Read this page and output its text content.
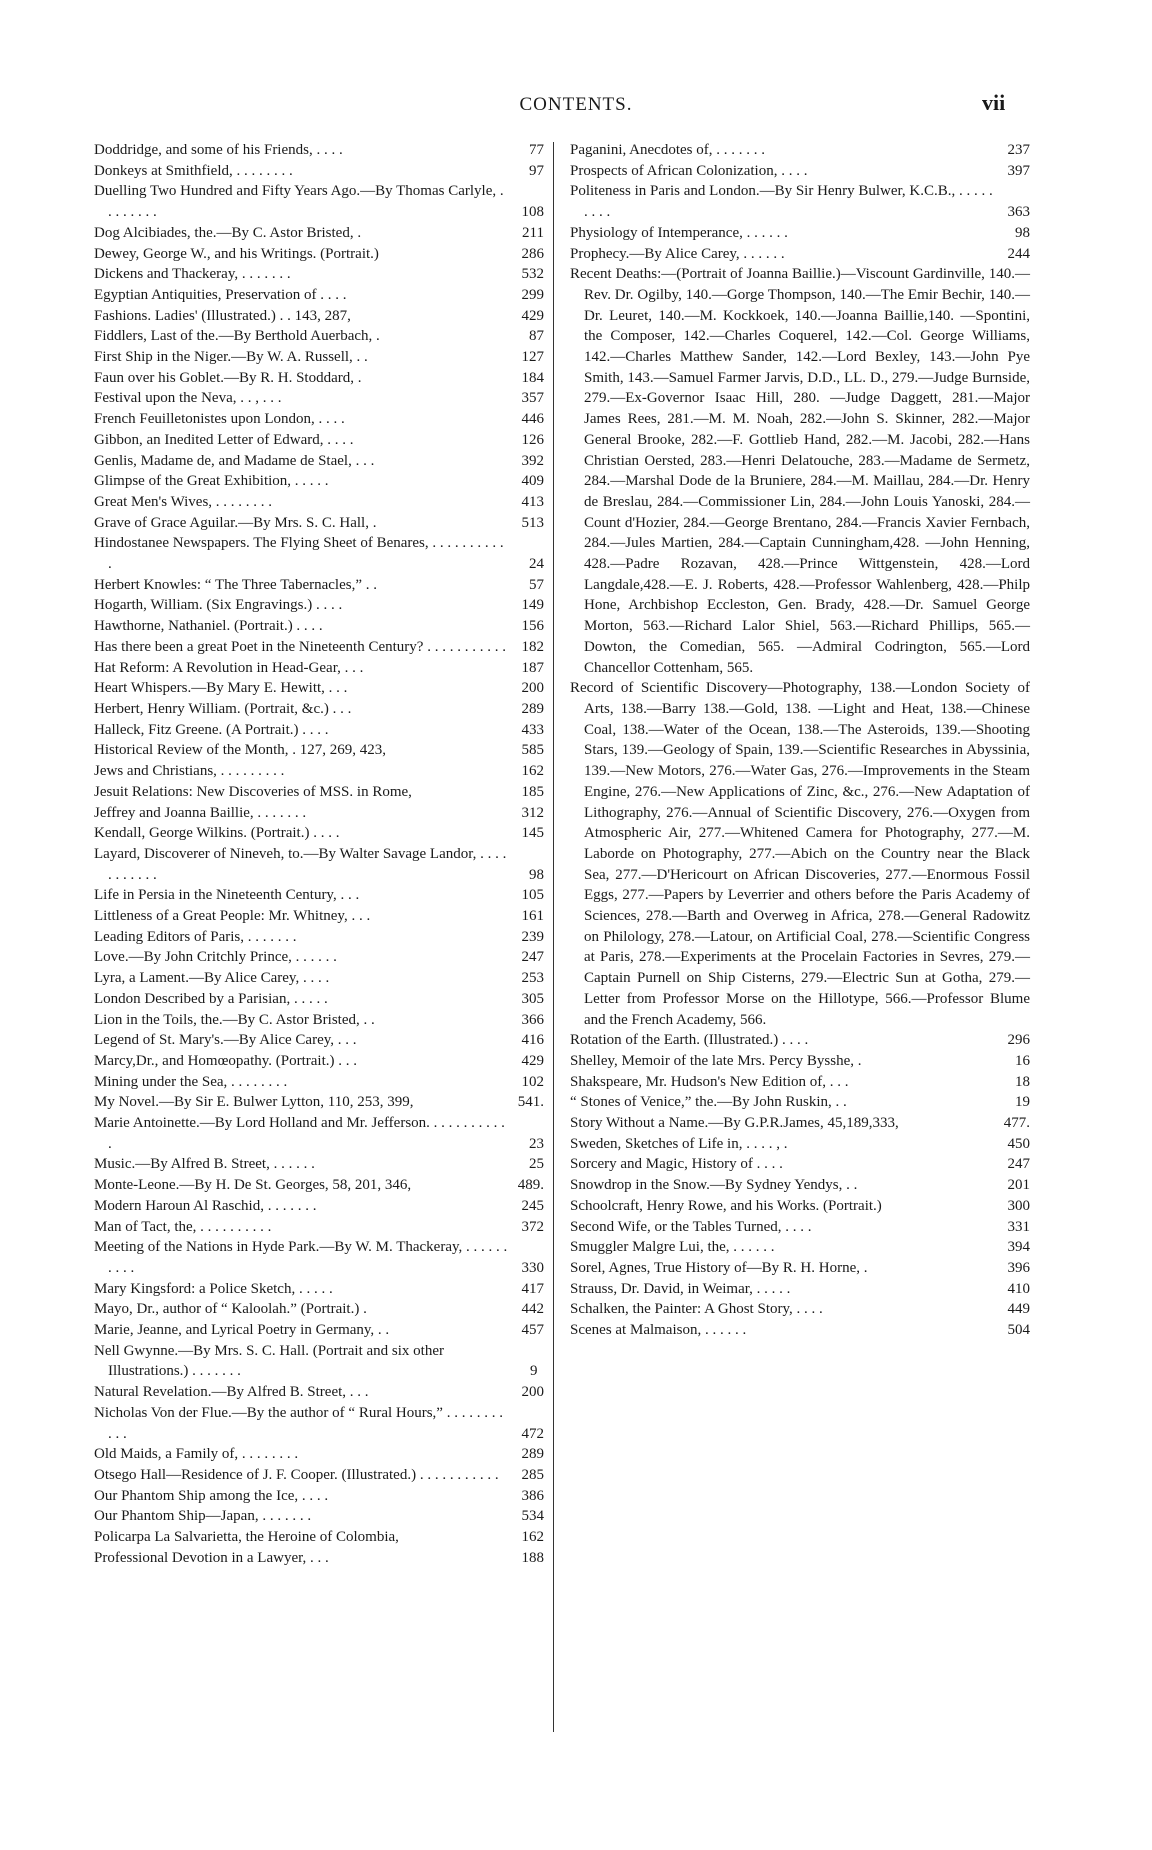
CONTENTS.	vii
Doddridge, and some of his Friends, . . . .	77
Donkeys at Smithfield, . . . . . . . .	97
Duelling Two Hundred and Fifty Years Ago.—By Thomas Carlyle, . . . . . . . .	108
Dog Alcibiades, the.—By C. Astor Bristed, .	211
Dewey, George W., and his Writings. (Portrait.)	286
Dickens and Thackeray, . . . . . . .	532
Egyptian Antiquities, Preservation of . . . .	299
Fashions. Ladies' (Illustrated.) . . 143, 287,	429
Fiddlers, Last of the.—By Berthold Auerbach, .	87
First Ship in the Niger.—By W. A. Russell, . .	127
Faun over his Goblet.—By R. H. Stoddard, .	184
Festival upon the Neva, . . , . . .	357
French Feuilletonistes upon London, . . . .	446
Gibbon, an Inedited Letter of Edward, . . . .	126
Genlis, Madame de, and Madame de Stael, . . .	392
Glimpse of the Great Exhibition, . . . . .	409
Great Men's Wives, . . . . . . . .	413
Grave of Grace Aguilar.—By Mrs. S. C. Hall, .	513
Hindostanee Newspapers. The Flying Sheet of Benares, . . . . . . . . . . .	24
Herbert Knowles: “ The Three Tabernacles,” . .	57
Hogarth, William. (Six Engravings.) . . . .	149
Hawthorne, Nathaniel. (Portrait.) . . . .	156
Has there been a great Poet in the Nineteenth Century? . . . . . . . . . . . 182
Hat Reform: A Revolution in Head-Gear, . . .	187
Heart Whispers.—By Mary E. Hewitt, . . .	200
Herbert, Henry William. (Portrait, &c.) . . .	289
Halleck, Fitz Greene. (A Portrait.) . . . .	433
Historical Review of the Month, . 127, 269, 423,	585
Jews and Christians, . . . . . . . . .	162
Jesuit Relations: New Discoveries of MSS. in Rome,	185
Jeffrey and Joanna Baillie, . . . . . . .	312
Kendall, George Wilkins. (Portrait.) . . . .	145
Layard, Discoverer of Nineveh, to.—By Walter Savage Landor, . . . . . . . . . . .	98
Life in Persia in the Nineteenth Century, . . .	105
Littleness of a Great People: Mr. Whitney, . . .	161
Leading Editors of Paris, . . . . . . .	239
Love.—By John Critchly Prince, . . . . . .	247
Lyra, a Lament.—By Alice Carey, . . . .	253
London Described by a Parisian, . . . . .	305
Lion in the Toils, the.—By C. Astor Bristed, . .	366
Legend of St. Mary's.—By Alice Carey, . . .	416
Marcy,Dr., and Homœopathy. (Portrait.) . . .	429
Mining under the Sea, . . . . . . . .	102
My Novel.—By Sir E. Bulwer Lytton, 110, 253, 399,	541.
Marie Antoinette.—By Lord Holland and Mr. Jefferson. . . . . . . . . . . .	23
Music.—By Alfred B. Street, . . . . . .	25
Monte-Leone.—By H. De St. Georges, 58, 201, 346,	489.
Modern Haroun Al Raschid, . . . . . . .	245
Man of Tact, the, . . . . . . . . . .	372
Meeting of the Nations in Hyde Park.—By W. M. Thackeray, . . . . . . . . . .	330
Mary Kingsford: a Police Sketch, . . . . .	417
Mayo, Dr., author of “ Kaloolah.” (Portrait.) .	442
Marie, Jeanne, and Lyrical Poetry in Germany, . .	457
Nell Gwynne.—By Mrs. S. C. Hall. (Portrait and six other Illustrations.) . . . . . . .	9
Natural Revelation.—By Alfred B. Street, . . .	200
Nicholas Von der Flue.—By the author of “ Rural Hours,” . . . . . . . . . . .	472
Old Maids, a Family of, . . . . . . . .	289
Otsego Hall—Residence of J. F. Cooper. (Illustrated.) . . . . . . . . . . .	285
Our Phantom Ship among the Ice, . . . .	386
Our Phantom Ship—Japan, . . . . . . .	534
Policarpa La Salvarietta, the Heroine of Colombia,	162
Professional Devotion in a Lawyer, . . .	188
Paganini, Anecdotes of, . . . . . . .	237
Prospects of African Colonization, . . . .	397
Politeness in Paris and London.—By Sir Henry Bulwer, K.C.B., . . . . . . . . .	363
Physiology of Intemperance, . . . . . .	98
Prophecy.—By Alice Carey, . . . . . .	244
Recent Deaths:—(Portrait of Joanna Baillie.)—Viscount Gardinville, 140.—Rev. Dr. Ogilby, 140.—Gorge Thompson, 140.—The Emir Bechir, 140.—Dr. Leuret, 140.—M. Kockkoek, 140.—Joanna Baillie,140. —Spontini, the Composer, 142.—Charles Coquerel, 142.—Col. George Williams, 142.—Charles Matthew Sander, 142.—Lord Bexley, 143.—John Pye Smith, 143.—Samuel Farmer Jarvis, D.D., LL. D., 279.—Judge Burnside, 279.—Ex-Governor Isaac Hill, 280. —Judge Daggett, 281.—Major James Rees, 281.—M. M. Noah, 282.—John S. Skinner, 282.—Major General Brooke, 282.—F. Gottlieb Hand, 282.—M. Jacobi, 282.—Hans Christian Oersted, 283.—Henri Delatouche, 283.—Madame de Sermetz, 284.—Marshal Dode de la Bruniere, 284.—M. Maillau, 284.—Dr. Henry de Breslau, 284.—Commissioner Lin, 284.—John Louis Yanoski, 284.—Count d'Hozier, 284.—George Brentano, 284.—Francis Xavier Fernbach, 284.—Jules Martien, 284.—Captain Cunningham,428. —John Henning, 428.—Padre Rozavan, 428.—Prince Wittgenstein, 428.—Lord Langdale,428.—E. J. Roberts, 428.—Professor Wahlenberg, 428.—Philp Hone, Archbishop Eccleston, Gen. Brady, 428.—Dr. Samuel George Morton, 563.—Richard Lalor Shiel, 563.—Richard Phillips, 565.—Dowton, the Comedian, 565. —Admiral Codrington, 565.—Lord Chancellor Cottenham, 565.
Record of Scientific Discovery—Photography, 138.—London Society of Arts, 138.—Barry 138.—Gold, 138. —Light and Heat, 138.—Chinese Coal, 138.—Water of the Ocean, 138.—The Asteroids, 139.—Shooting Stars, 139.—Geology of Spain, 139.—Scientific Researches in Abyssinia, 139.—New Motors, 276.—Water Gas, 276.—Improvements in the Steam Engine, 276.—New Applications of Zinc, &c., 276.—New Adaptation of Lithography, 276.—Annual of Scientific Discovery, 276.—Oxygen from Atmospheric Air, 277.—Whitened Camera for Photography, 277.—M. Laborde on Photography, 277.—Abich on the Country near the Black Sea, 277.—D'Hericourt on African Discoveries, 277.—Enormous Fossil Eggs, 277.—Papers by Leverrier and others before the Paris Academy of Sciences, 278.—Barth and Overweg in Africa, 278.—General Radowitz on Philology, 278.—Latour, on Artificial Coal, 278.—Scientific Congress at Paris, 278.—Experiments at the Procelain Factories in Sevres, 279.—Captain Purnell on Ship Cisterns, 279.—Electric Sun at Gotha, 279.—Letter from Professor Morse on the Hillotype, 566.—Professor Blume and the French Academy, 566.
Rotation of the Earth. (Illustrated.) . . . .	296
Shelley, Memoir of the late Mrs. Percy Bysshe, .	16
Shakspeare, Mr. Hudson's New Edition of, . . .	18
“ Stones of Venice,” the.—By John Ruskin, . .	19
Story Without a Name.—By G.P.R.James, 45,189,333,	477.
Sweden, Sketches of Life in, . . . . , .	450
Sorcery and Magic, History of . . . .	247
Snowdrop in the Snow.—By Sydney Yendys, . .	201
Schoolcraft, Henry Rowe, and his Works. (Portrait.)	300
Second Wife, or the Tables Turned, . . . .	331
Smuggler Malgre Lui, the, . . . . . .	394
Sorel, Agnes, True History of—By R. H. Horne, .	396
Strauss, Dr. David, in Weimar, . . . . .	410
Schalken, the Painter: A Ghost Story, . . . .	449
Scenes at Malmaison, . . . . . .	504
